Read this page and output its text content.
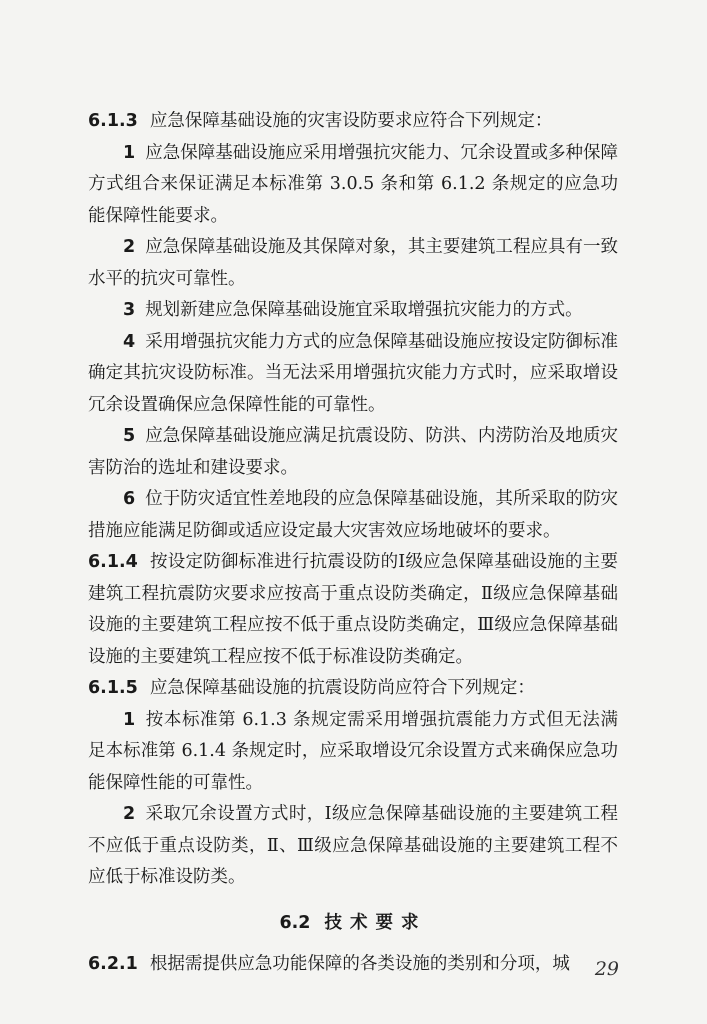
6.1.3 应急保障基础设施的灾害设防要求应符合下列规定：

1 应急保障基础设施应采用增强抗灾能力、冗余设置或多种保障方式组合来保证满足本标准第 3.0.5 条和第 6.1.2 条规定的应急功能保障性能要求。

2 应急保障基础设施及其保障对象，其主要建筑工程应具有一致水平的抗灾可靠性。

3 规划新建应急保障基础设施宜采取增强抗灾能力的方式。

4 采用增强抗灾能力方式的应急保障基础设施应按设定防御标准确定其抗灾设防标准。当无法采用增强抗灾能力方式时，应采取增设冗余设置确保应急保障性能的可靠性。

5 应急保障基础设施应满足抗震设防、防洪、内涝防治及地质灾害防治的选址和建设要求。

6 位于防灾适宜性差地段的应急保障基础设施，其所采取的防灾措施应能满足防御或适应设定最大灾害效应场地破坏的要求。

6.1.4 按设定防御标准进行抗震设防的Ⅰ级应急保障基础设施的主要建筑工程抗震防灾要求应按高于重点设防类确定，Ⅱ级应急保障基础设施的主要建筑工程应按不低于重点设防类确定，Ⅲ级应急保障基础设施的主要建筑工程应按不低于标准设防类确定。

6.1.5 应急保障基础设施的抗震设防尚应符合下列规定：

1 按本标准第 6.1.3 条规定需采用增强抗震能力方式但无法满足本标准第 6.1.4 条规定时，应采取增设冗余设置方式来确保应急功能保障性能的可靠性。

2 采取冗余设置方式时，Ⅰ级应急保障基础设施的主要建筑工程不应低于重点设防类，Ⅱ、Ⅲ级应急保障基础设施的主要建筑工程不应低于标准设防类。

6.2 技术要求

6.2.1 根据需提供应急功能保障的各类设施的类别和分项，城	29
